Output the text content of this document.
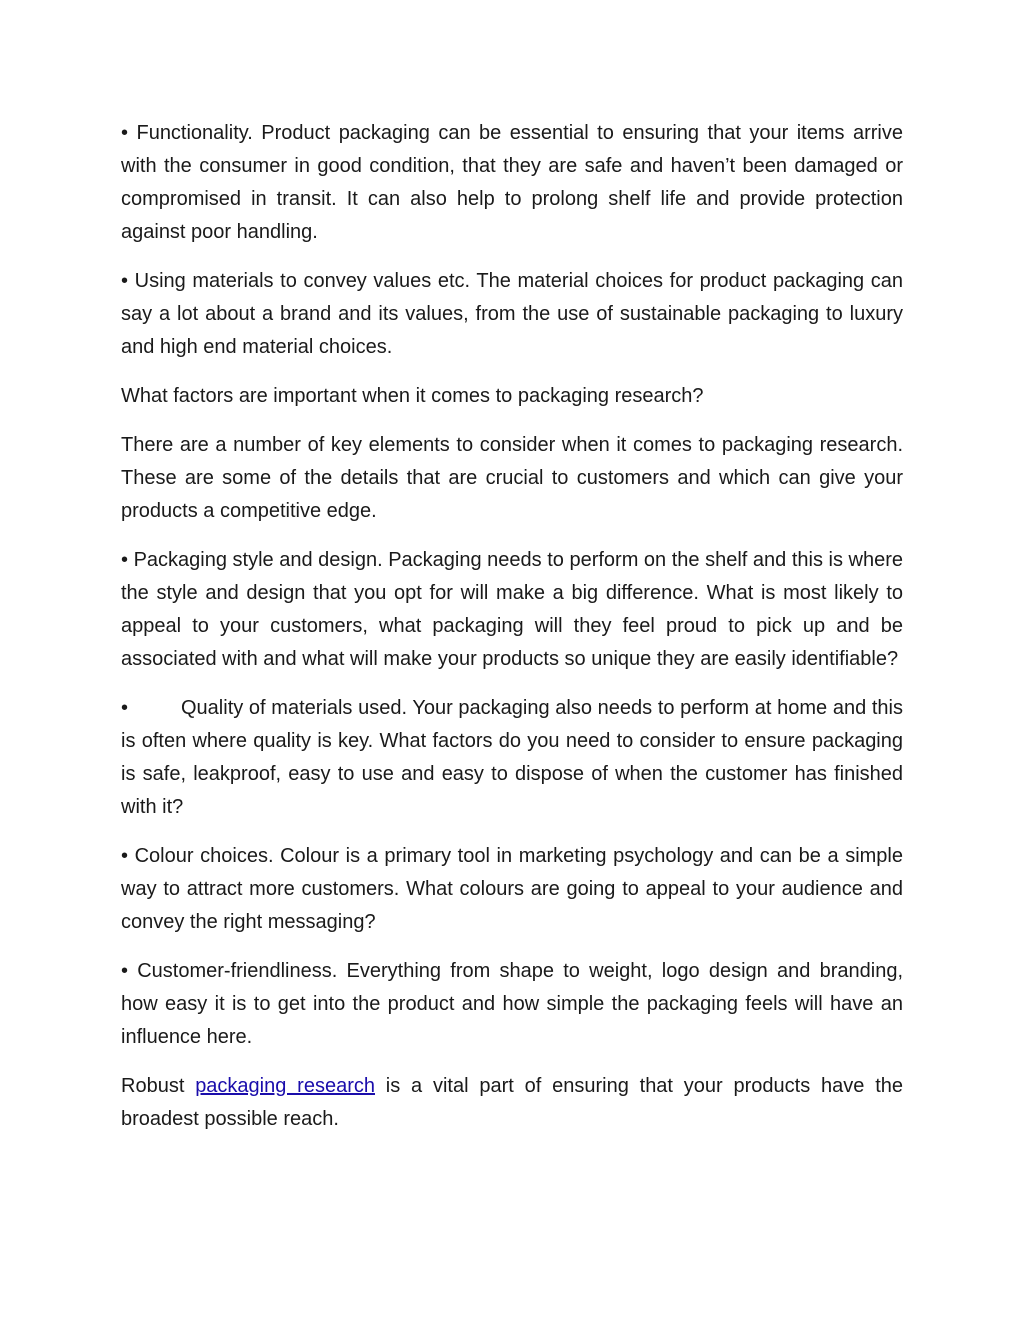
• Functionality. Product packaging can be essential to ensuring that your items arrive with the consumer in good condition, that they are safe and haven’t been damaged or compromised in transit. It can also help to prolong shelf life and provide protection against poor handling.

• Using materials to convey values etc. The material choices for product packaging can say a lot about a brand and its values, from the use of sustainable packaging to luxury and high end material choices.

What factors are important when it comes to packaging research?

There are a number of key elements to consider when it comes to packaging research. These are some of the details that are crucial to customers and which can give your products a competitive edge.

• Packaging style and design. Packaging needs to perform on the shelf and this is where the style and design that you opt for will make a big difference. What is most likely to appeal to your customers, what packaging will they feel proud to pick up and be associated with and what will make your products so unique they are easily identifiable?

•	Quality of materials used. Your packaging also needs to perform at home and this is often where quality is key. What factors do you need to consider to ensure packaging is safe, leakproof, easy to use and easy to dispose of when the customer has finished with it?

• Colour choices. Colour is a primary tool in marketing psychology and can be a simple way to attract more customers. What colours are going to appeal to your audience and convey the right messaging?

• Customer-friendliness. Everything from shape to weight, logo design and branding, how easy it is to get into the product and how simple the packaging feels will have an influence here.

Robust packaging research is a vital part of ensuring that your products have the broadest possible reach.
